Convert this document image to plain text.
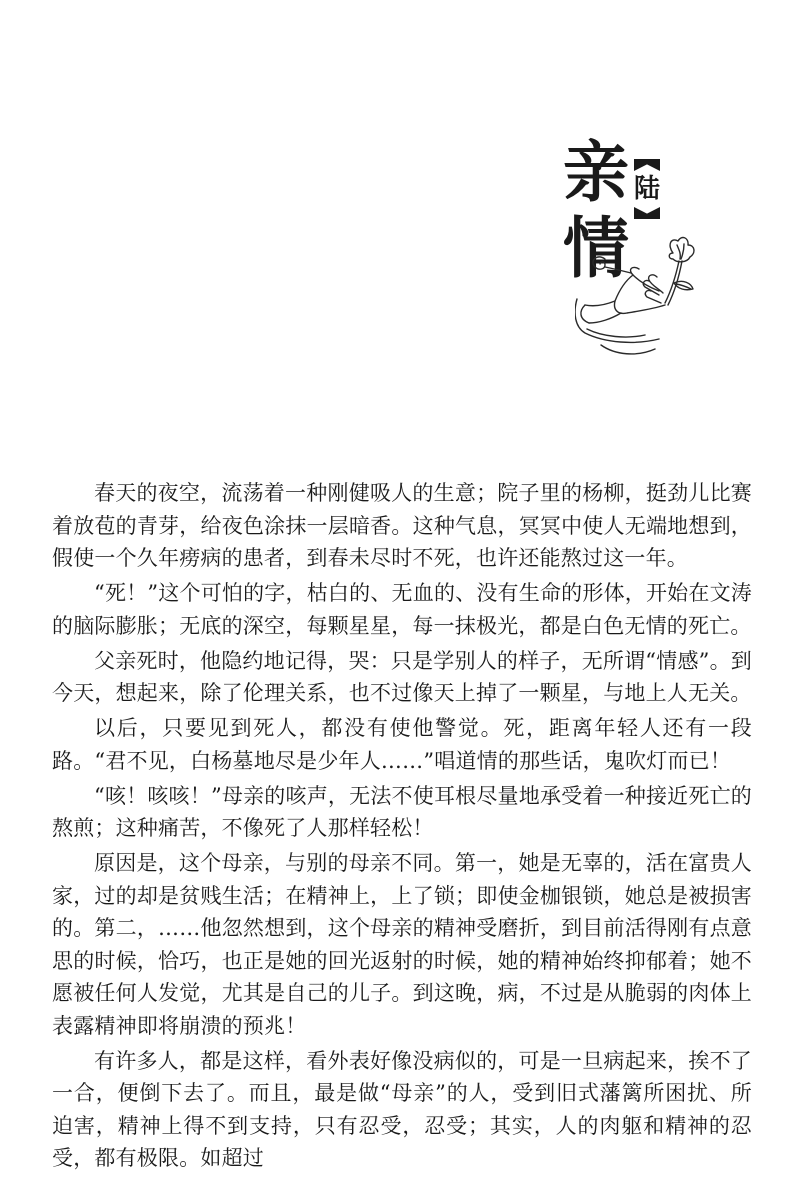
亲
情
陆

春天的夜空，流荡着一种刚健吸人的生意；院子里的杨柳，挺劲儿比赛着放苞的青芽，给夜色涂抹一层暗香。这种气息，冥冥中使人无端地想到，假使一个久年痨病的患者，到春未尽时不死，也许还能熬过这一年。

“死！”这个可怕的字，枯白的、无血的、没有生命的形体，开始在文涛的脑际膨胀；无底的深空，每颗星星，每一抹极光，都是白色无情的死亡。

父亲死时，他隐约地记得，哭：只是学别人的样子，无所谓“情感”。到今天，想起来，除了伦理关系，也不过像天上掉了一颗星，与地上人无关。

以后，只要见到死人，都没有使他警觉。死，距离年轻人还有一段路。“君不见，白杨墓地尽是少年人……”唱道情的那些话，鬼吹灯而已！

“咳！咳咳！”母亲的咳声，无法不使耳根尽量地承受着一种接近死亡的熬煎；这种痛苦，不像死了人那样轻松！

原因是，这个母亲，与别的母亲不同。第一，她是无辜的，活在富贵人家，过的却是贫贱生活；在精神上，上了锁；即使金枷银锁，她总是被损害的。第二，……他忽然想到，这个母亲的精神受磨折，到目前活得刚有点意思的时候，恰巧，也正是她的回光返射的时候，她的精神始终抑郁着；她不愿被任何人发觉，尤其是自己的儿子。到这晚，病，不过是从脆弱的肉体上表露精神即将崩溃的预兆！

有许多人，都是这样，看外表好像没病似的，可是一旦病起来，挨不了一合，便倒下去了。而且，最是做“母亲”的人，受到旧式藩篱所困扰、所迫害，精神上得不到支持，只有忍受，忍受；其实，人的肉躯和精神的忍受，都有极限。如超过
